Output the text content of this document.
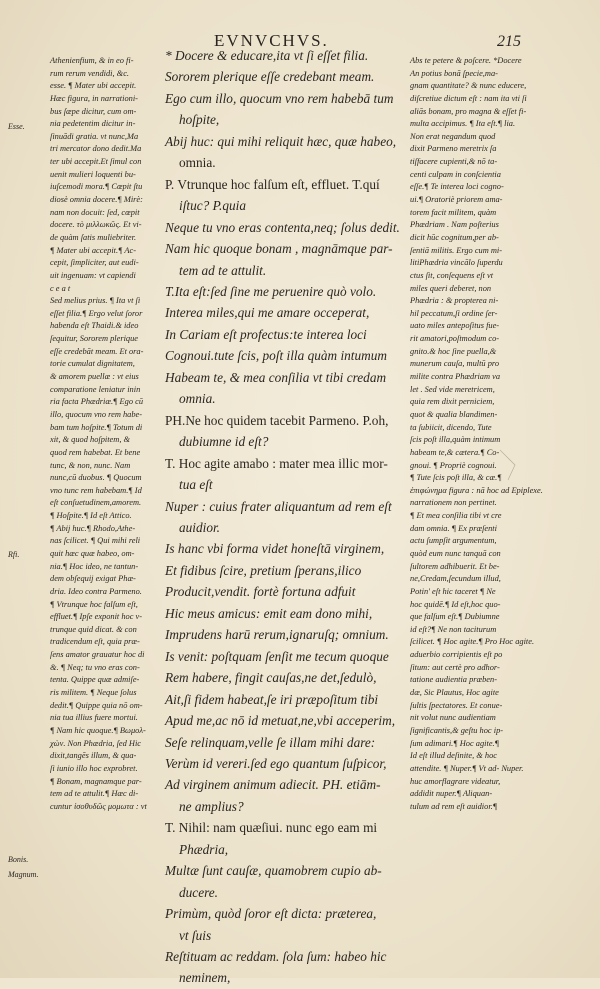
EVNVCHVS.	215
Esse.
Rfi.
Bonis.
Magnum.
Athenienfium, & in eo fi-
rum rerum vendidi, &c.
esse. ¶ Mater ubi accepit.
Hæc figura, in narrationi-
bus ſæpe dicitur, cum om-
nia pedetentim dicitur in-
ſinuādi gratia. vt nunc,Ma
tri mercator dono dedit.Ma
ter ubi accepit.Et ſimul con
uenit mulieri loquenti bu-
iuſcemodi mora.¶ Cœpit ſtu
diosè omnia docere.¶ Mirè:
nam non docuit: ſed, cœpit
docere. τὸ μιλλωκῶς. Et vi-
de quàm ſatis muliebriter.
¶ Mater ubi accepit.¶ Ac-
cepit, ſimpliciter, aut eudi-
uit ingenuam: vt capiendi
c e a t
Sed melius prius. ¶ Ita vt ſi
eſſet filia.¶ Ergo velut ſoror
habenda eſt Thaidi.& ideo
ſequitur, Sororem plerique
eſſe credebāt meam. Et ora-
torie cumulat dignitatem,
& amorem puellæ : vt eius
comparatione leniatur inin
ria facta Phædriæ.¶ Ego cū
illo, quocum vno rem habe-
bam tum hoſpite.¶ Totum di
xit, & quod hoſpitem, &
quod rem habebat. Et bene
tunc, & non, nunc. Nam
nunc,cū duobus. ¶ Quocum
vno tunc rem habebam.¶ Id
eſt conſuetudinem,amorem.
¶ Hoſpite.¶ Id eſt Attico.
¶ Abij huc.¶ Rhodo,Athe-
nas ſcilicet. ¶ Qui mihi reli
quit hæc quæ habeo, om-
nia.¶ Hoc ideo, ne tantun-
dem obſequij exigat Phæ-
dria. Ideo contra Parmeno.
¶ Vtrunque hoc falſum eſt,
effluet.¶ Ipſe exponit hoc v-
trunque quid dicat. & con
tradicendum eſt, quia præ-
ſens amator grauatur hoc di
&. ¶ Neq; tu vno eras con-
tenta. Quippe quæ admiſe-
ris militem. ¶ Neque ſolus
dedit.¶ Quippe quia nō om-
nia tua illius fuere mortui.
¶ Nam hic quoque.¶ Βωμολ-
χὼν. Non Phædria, ſed Hic
dixit,tangēs illum, & qua-
ſi iunio illo hoc exprobret.
¶ Bonam, magnamque par-
tem ad te attulit.¶ Hæc di-
cuntur ἰσοθυδῶς μομωτα : vt
* Docere & educare,ita vt ſi eſſet filia.
Sororem plerique eſſe credebant meam.
Ego cum illo, quocum vno rem habebā tum
hoſpite,
Abij huc: qui mihi reliquit hæc, quæ habeo,
omnia.
P. Vtrunque hoc falſum eſt, effluet. T.quí
iſtuc? P.quia
Neque tu vno eras contenta,neq; ſolus dedit.
Nam hic quoque bonam , magnāmque par-
tem ad te attulit.
T.Ita eſt:ſed ſine me peruenire quò volo.
Interea miles,qui me amare occeperat,
In Cariam eſt profectus:te interea loci
Cognoui.tute ſcis, poſt illa quàm intumum
Habeam te, & mea conſilia vt tibi credam
omnia.
PH.Ne hoc quidem tacebit Parmeno. P.oh,
dubiumne id eſt?
T. Hoc agite amabo : mater mea illic mor-
tua eſt
Nuper : cuius frater aliquantum ad rem eſt
auidior.
Is hanc vbi forma videt honeſtā virginem,
Et fidibus ſcire, pretium ſperans,ilico
Producit,vendit. fortè fortuna adfuit
Hic meus amicus: emit eam dono mihi,
Imprudens harū rerum,ignaruſq; omnium.
Is venit: poſtquam ſenſit me tecum quoque
Rem habere, fingit cauſas,ne det,ſedulò,
Ait,ſi fidem habeat,ſe iri præpoſitum tibi
Apud me,ac nō id metuat,ne,vbi acceperim,
Seſe relinquam,velle ſe illam mihi dare:
Verùm id vereri.ſed ego quantum ſuſpicor,
Ad virginem animum adiecit. PH. etiām-
ne amplius?
T. Nihil: nam quæſiui. nunc ego eam mi
Phædria,
Multæ ſunt cauſæ, quamobrem cupio ab-
ducere.
Primùm, quòd ſoror eſt dicta: præterea,
vt ſuis
Reſtituam ac reddam. ſola ſum: habeo hic
neminem,
Abs te petere & poſcere. *Docere
An potius bonā ſpecie,ma-
gnam quantitate? & nunc educere,
diſcretiue dictum eſt : nam ita vti ſi
aliās bonam, pro magna & eſſet fi-
multa accipimus. ¶ Ita eſt.¶ lia.
Non erat negandum quod
dixit Parmeno meretrix ſa
tiſfacere cupienti,& nō ta-
centi culpam in conſcientia
eſſe.¶ Te interea loci cogno-
ui.¶ Oratoriè priorem ama-
torem facit militem, quàm
Phædriam . Nam poſterius
dicit hūc cognitum,per ab-
ſentiā militis. Ergo cum mi-
litiPhædria vincālo ſuperdu
ctus ſit, conſequens eſt vt
miles queri deberet, non
Phædria : & propterea ni-
hil peccatum,ſi ordine ſer-
uato miles antepoſitus fue-
rit amatori,poſtmodum co-
gnito.& hoc ſine puella,&
munerum cauſa, multū pro
milite contra Phædriam va
let . Sed vide meretricem,
quia rem dixit perniciem,
quot & qualia blandimen-
ta ſubiicit, dicendo, Tute
ſcis poſt illa,quàm intimum
habeam te,& cætera.¶ Co-
gnoui. ¶ Propriè cognoui.
¶ Tute ſcis poſt illa, & cæ.¶
ἐπιφώνημα figura : nā hoc ad Epiplexe.
narrationem non pertinet.
¶ Et mea conſilia tibi vt cre
dam omnia. ¶ Ex præſenti
actu ſumpſit argumentum,
quòd eum nunc tanquā con
ſultorem adhibuerit. Et be-
ne,Credam,ſecundum illud,
Potin' eſt hic taceret ¶ Ne
hoc quidē.¶ Id eſt,hoc quo-
que falſum eſt.¶ Dubiumne
id eſt?¶ Ne non taciturum
ſcilicet. ¶ Hoc agite.¶ Pro Hoc agite.
aduerbio corripientis eſt po
ſitum: aut certè pro adhor-
tatione audientia præben-
dæ, Sic Plautus, Hoc agite
ſultis ſpectatores. Et conue-
nit volut nunc audientiam
ſignificantis,& geſtu hoc ip-
ſum adimari.¶ Hoc agite.¶
Id eſt illud deſinite, & hoc
attendite. ¶ Nuper.¶ Vt ad- Nuper.
huc amorflagrare videatur,
addidit nuper.¶ Aliquan-
tulum ad rem eſt auidior.¶
